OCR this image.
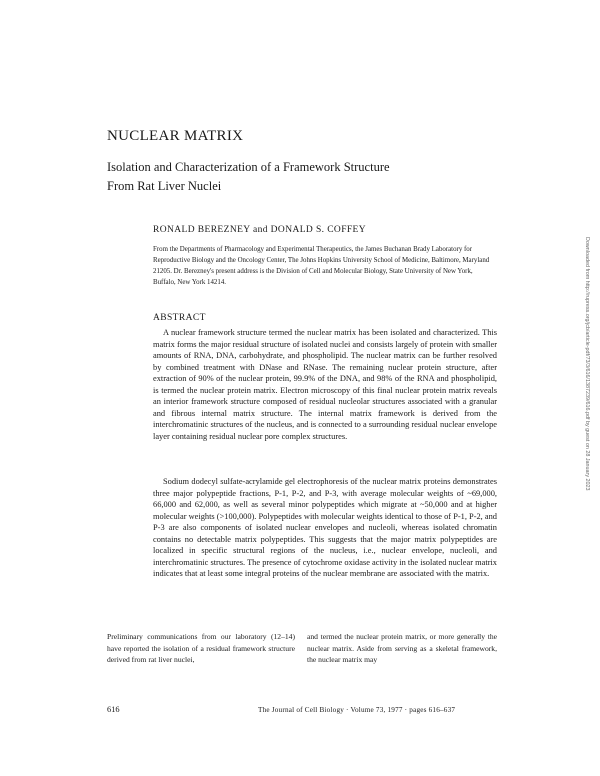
NUCLEAR MATRIX
Isolation and Characterization of a Framework Structure
From Rat Liver Nuclei
RONALD BEREZNEY and DONALD S. COFFEY
From the Departments of Pharmacology and Experimental Therapeutics, the James Buchanan Brady Laboratory for Reproductive Biology and the Oncology Center, The Johns Hopkins University School of Medicine, Baltimore, Maryland 21205. Dr. Berezney's present address is the Division of Cell and Molecular Biology, State University of New York, Buffalo, New York 14214.
ABSTRACT

A nuclear framework structure termed the nuclear matrix has been isolated and characterized. This matrix forms the major residual structure of isolated nuclei and consists largely of protein with smaller amounts of RNA, DNA, carbohydrate, and phospholipid. The nuclear matrix can be further resolved by combined treatment with DNase and RNase. The remaining nuclear protein structure, after extraction of 90% of the nuclear protein, 99.9% of the DNA, and 98% of the RNA and phospholipid, is termed the nuclear protein matrix. Electron microscopy of this final nuclear protein matrix reveals an interior framework structure composed of residual nucleolar structures associated with a granular and fibrous internal matrix structure. The internal matrix framework is derived from the interchromatinic structures of the nucleus, and is connected to a surrounding residual nuclear envelope layer containing residual nuclear pore complex structures.

Sodium dodecyl sulfate-acrylamide gel electrophoresis of the nuclear matrix proteins demonstrates three major polypeptide fractions, P-1, P-2, and P-3, with average molecular weights of ~69,000, 66,000 and 62,000, as well as several minor polypeptides which migrate at ~50,000 and at higher molecular weights (>100,000). Polypeptides with molecular weights identical to those of P-1, P-2, and P-3 are also components of isolated nuclear envelopes and nucleoli, whereas isolated chromatin contains no detectable matrix polypeptides. This suggests that the major matrix polypeptides are localized in specific structural regions of the nucleus, i.e., nuclear envelope, nucleoli, and interchromatinic structures. The presence of cytochrome oxidase activity in the isolated nuclear matrix indicates that at least some integral proteins of the nuclear membrane are associated with the matrix.

Preliminary communications from our laboratory (12–14) have reported the isolation of a residual framework structure derived from rat liver nuclei,

and termed the nuclear protein matrix, or more generally the nuclear matrix. Aside from serving as a skeletal framework, the nuclear matrix may

616	The Journal of Cell Biology · Volume 73, 1977 · pages 616–637
Downloaded from http://rupress.org/jcb/article-pdf/73/3/616/1387239/616.pdf by guest on 28 January 2023
